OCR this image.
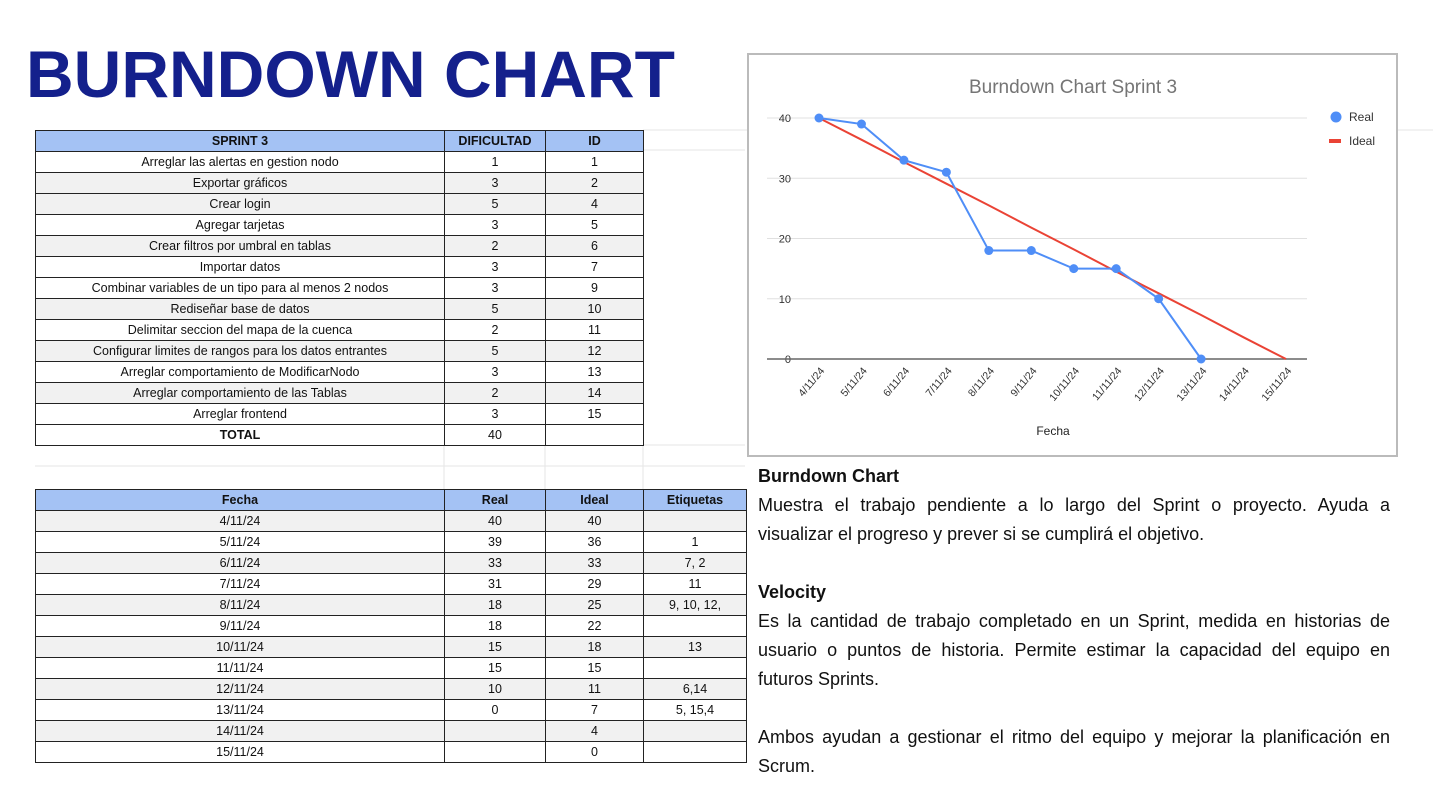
BURNDOWN CHART
SPRINT 3	DIFICULTAD	ID
Arreglar las alertas en gestion nodo	1	1
Exportar gráficos	3	2
Crear login	5	4
Agregar tarjetas	3	5
Crear filtros por umbral en tablas	2	6
Importar datos	3	7
Combinar variables de un tipo para al menos 2 nodos	3	9
Rediseñar base de datos	5	10
Delimitar seccion del mapa de la cuenca	2	11
Configurar limites de rangos para los datos entrantes	5	12
Arreglar comportamiento de ModificarNodo	3	13
Arreglar comportamiento de las Tablas	2	14
Arreglar frontend	3	15
TOTAL	40	
Fecha	Real	Ideal	Etiquetas
4/11/24	40	40	
5/11/24	39	36	1
6/11/24	33	33	7, 2
7/11/24	31	29	11
8/11/24	18	25	9, 10, 12,
9/11/24	18	22	
10/11/24	15	18	13
11/11/24	15	15	
12/11/24	10	11	6,14
13/11/24	0	7	5, 15,4
14/11/24		4	
15/11/24		0	
Burndown Chart Sprint 3
0
10
20
30
40
4/11/24 5/11/24 6/11/24 7/11/24 8/11/24 9/11/24 10/11/24 11/11/24 12/11/24 13/11/24 14/11/24 15/11/24
Fecha
Real
Ideal
Burndown Chart

Muestra el trabajo pendiente a lo largo del Sprint o proyecto. Ayuda a visualizar el progreso y prever si se cumplirá el objetivo.

Velocity

Es la cantidad de trabajo completado en un Sprint, medida en historias de usuario o puntos de historia. Permite estimar la capacidad del equipo en futuros Sprints.

Ambos ayudan a gestionar el ritmo del equipo y mejorar la planificación en Scrum.
